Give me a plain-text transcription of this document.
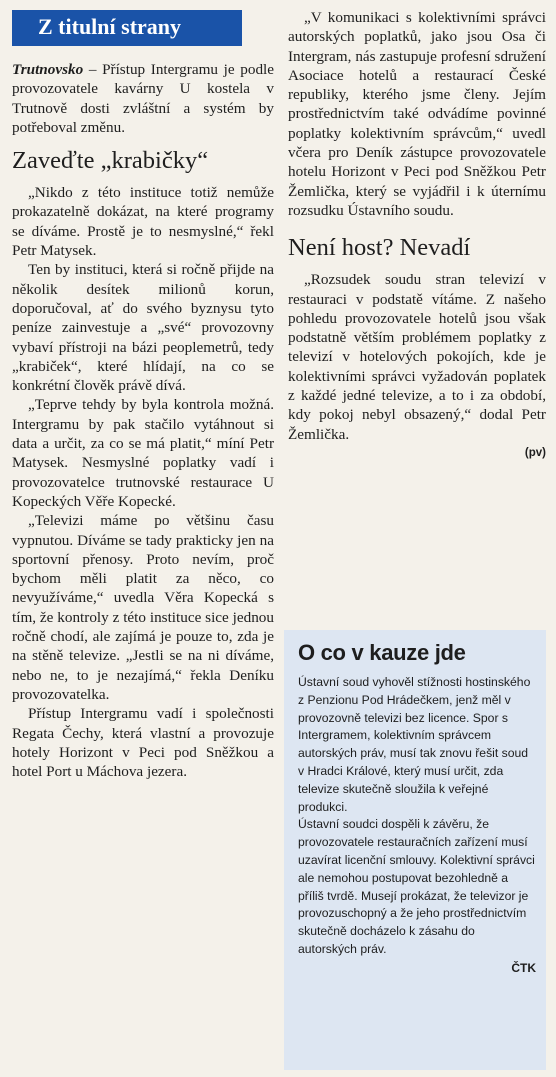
Z titulní strany

Trutnovsko – Přístup Intergramu je podle provozovatele kavárny U kostela v Trutnově dosti zvláštní a systém by potřeboval změnu.

Zaveďte „krabičky“

„Nikdo z této instituce totiž nemůže prokazatelně dokázat, na které programy se díváme. Prostě je to nesmyslné,“ řekl Petr Matysek.

Ten by instituci, která si ročně přijde na několik desítek milionů korun, doporučoval, ať do svého byznysu tyto peníze zainvestuje a „své“ provozovny vybaví přístroji na bázi peoplemetrů, tedy „krabiček“, které hlídají, na co se konkrétní člověk právě dívá.

„Teprve tehdy by byla kontrola možná. Intergramu by pak stačilo vytáhnout si data a určit, za co se má platit,“ míní Petr Matysek. Nesmyslné poplatky vadí i provozovatelce trutnovské restaurace U Kopeckých Věře Kopecké.

„Televizi máme po většinu času vypnutou. Díváme se tady prakticky jen na sportovní přenosy. Proto nevím, proč bychom měli platit za něco, co nevyužíváme,“ uvedla Věra Kopecká s tím, že kontroly z této instituce sice jednou ročně chodí, ale zajímá je pouze to, zda je na stěně televize. „Jestli se na ni díváme, nebo ne, to je nezajímá,“ řekla Deníku provozovatelka.

Přístup Intergramu vadí i společnosti Regata Čechy, která vlastní a provozuje hotely Horizont v Peci pod Sněžkou a hotel Port u Máchova jezera.

„V komunikaci s kolektivními správci autorských poplatků, jako jsou Osa či Intergram, nás zastupuje profesní sdružení Asociace hotelů a restaurací České republiky, kterého jsme členy. Jejím prostřednictvím také odvádíme povinné poplatky kolektivním správcům,“ uvedl včera pro Deník zástupce provozovatele hotelu Horizont v Peci pod Sněžkou Petr Žemlička, který se vyjádřil i k úternímu rozsudku Ústavního soudu.

Není host? Nevadí

„Rozsudek soudu stran televizí v restauraci v podstatě vítáme. Z našeho pohledu provozovatele hotelů jsou však podstatně větším problémem poplatky z televizí v hotelových pokojích, kde je kolektivními správci vyžadován poplatek z každé jedné televize, a to i za období, kdy pokoj nebyl obsazený,“ dodal Petr Žemlička.

(pv)
O co v kauze jde

Ústavní soud vyhověl stížnosti hostinského z Penzionu Pod Hrádečkem, jenž měl v provozovně televizi bez licence. Spor s Intergramem, kolektivním správcem autorských práv, musí tak znovu řešit soud v Hradci Králové, který musí určit, zda televize skutečně sloužila k veřejné produkci.

Ústavní soudci dospěli k závěru, že provozovatele restauračních zařízení musí uzavírat licenční smlouvy. Kolektivní správci ale nemohou postupovat bezohledně a příliš tvrdě. Musejí prokázat, že televizor je provozuschopný a že jeho prostřednictvím skutečně docházelo k zásahu do autorských práv.

ČTK
